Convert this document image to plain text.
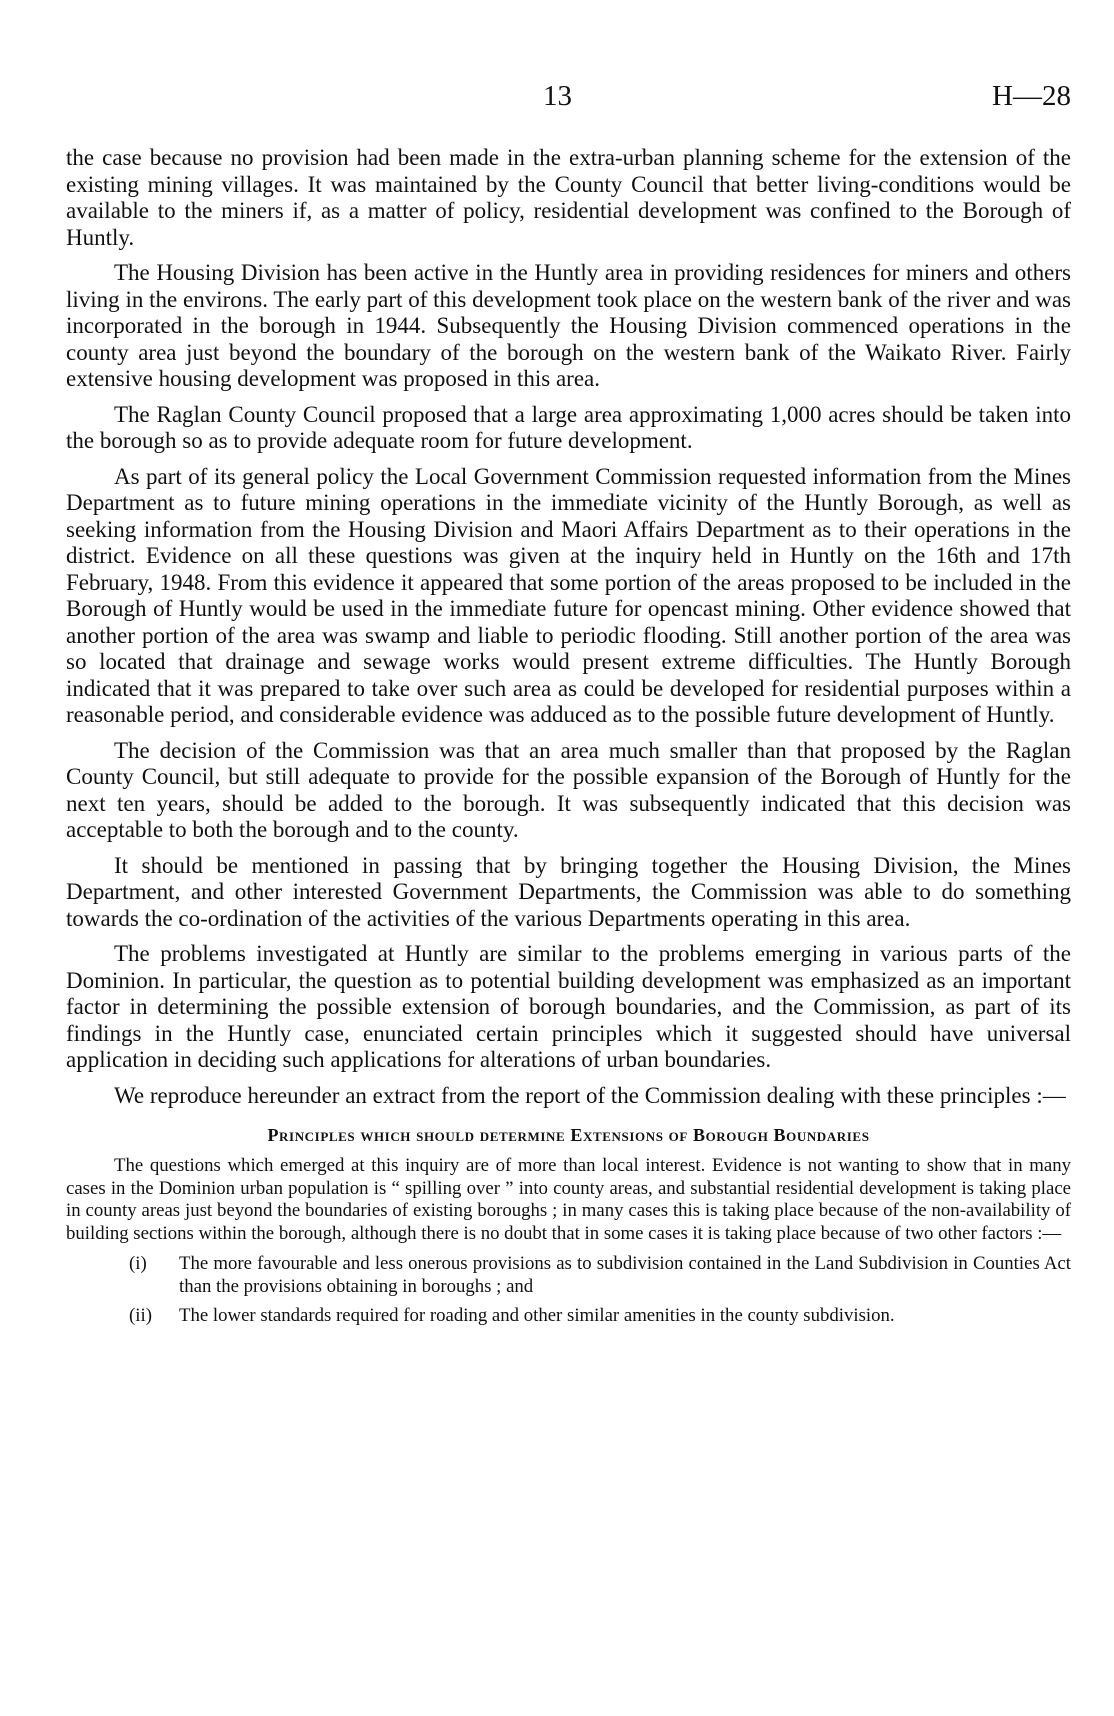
13	H—28

the case because no provision had been made in the extra-urban planning scheme for the extension of the existing mining villages. It was maintained by the County Council that better living-conditions would be available to the miners if, as a matter of policy, residential development was confined to the Borough of Huntly.

The Housing Division has been active in the Huntly area in providing residences for miners and others living in the environs. The early part of this development took place on the western bank of the river and was incorporated in the borough in 1944. Subsequently the Housing Division commenced operations in the county area just beyond the boundary of the borough on the western bank of the Waikato River. Fairly extensive housing development was proposed in this area.

The Raglan County Council proposed that a large area approximating 1,000 acres should be taken into the borough so as to provide adequate room for future development.

As part of its general policy the Local Government Commission requested information from the Mines Department as to future mining operations in the immediate vicinity of the Huntly Borough, as well as seeking information from the Housing Division and Maori Affairs Department as to their operations in the district. Evidence on all these questions was given at the inquiry held in Huntly on the 16th and 17th February, 1948. From this evidence it appeared that some portion of the areas proposed to be included in the Borough of Huntly would be used in the immediate future for opencast mining. Other evidence showed that another portion of the area was swamp and liable to periodic flooding. Still another portion of the area was so located that drainage and sewage works would present extreme difficulties. The Huntly Borough indicated that it was prepared to take over such area as could be developed for residential purposes within a reasonable period, and considerable evidence was adduced as to the possible future development of Huntly.

The decision of the Commission was that an area much smaller than that proposed by the Raglan County Council, but still adequate to provide for the possible expansion of the Borough of Huntly for the next ten years, should be added to the borough. It was subsequently indicated that this decision was acceptable to both the borough and to the county.

It should be mentioned in passing that by bringing together the Housing Division, the Mines Department, and other interested Government Departments, the Commission was able to do something towards the co-ordination of the activities of the various Departments operating in this area.

The problems investigated at Huntly are similar to the problems emerging in various parts of the Dominion. In particular, the question as to potential building development was emphasized as an important factor in determining the possible extension of borough boundaries, and the Commission, as part of its findings in the Huntly case, enunciated certain principles which it suggested should have universal application in deciding such applications for alterations of urban boundaries.

We reproduce hereunder an extract from the report of the Commission dealing with these principles :—

Principles which should determine Extensions of Borough Boundaries

The questions which emerged at this inquiry are of more than local interest. Evidence is not wanting to show that in many cases in the Dominion urban population is “ spilling over ” into county areas, and substantial residential development is taking place in county areas just beyond the boundaries of existing boroughs ; in many cases this is taking place because of the non-availability of building sections within the borough, although there is no doubt that in some cases it is taking place because of two other factors :—

(i)	The more favourable and less onerous provisions as to subdivision contained in the Land Subdivision in Counties Act than the provisions obtaining in boroughs ; and
(ii)	The lower standards required for roading and other similar amenities in the county subdivision.
